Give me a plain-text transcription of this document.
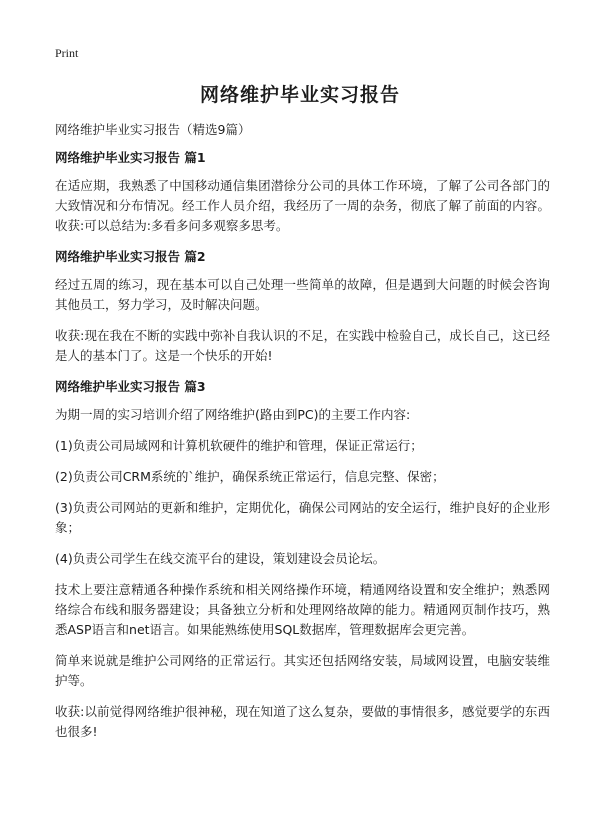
Print
网络维护毕业实习报告
网络维护毕业实习报告（精选9篇）
网络维护毕业实习报告 篇1

在适应期，我熟悉了中国移动通信集团潜徐分公司的具体工作环境，了解了公司各部门的大致情况和分布情况。经工作人员介绍，我经历了一周的杂务，彻底了解了前面的内容。收获:可以总结为:多看多问多观察多思考。

网络维护毕业实习报告 篇2

经过五周的练习，现在基本可以自己处理一些简单的故障，但是遇到大问题的时候会咨询其他员工，努力学习，及时解决问题。

收获:现在我在不断的实践中弥补自我认识的不足，在实践中检验自己，成长自己，这已经是人的基本门了。这是一个快乐的开始!

网络维护毕业实习报告 篇3

为期一周的实习培训介绍了网络维护(路由到PC)的主要工作内容:

(1)负责公司局域网和计算机软硬件的维护和管理，保证正常运行；

(2)负责公司CRM系统的`维护，确保系统正常运行，信息完整、保密；

(3)负责公司网站的更新和维护，定期优化，确保公司网站的安全运行，维护良好的企业形象；

(4)负责公司学生在线交流平台的建设，策划建设会员论坛。

技术上要注意精通各种操作系统和相关网络操作环境，精通网络设置和安全维护；熟悉网络综合布线和服务器建设；具备独立分析和处理网络故障的能力。精通网页制作技巧，熟悉ASP语言和net语言。如果能熟练使用SQL数据库，管理数据库会更完善。

简单来说就是维护公司网络的正常运行。其实还包括网络安装，局域网设置，电脑安装维护等。

收获:以前觉得网络维护很神秘，现在知道了这么复杂，要做的事情很多，感觉要学的东西也很多!
